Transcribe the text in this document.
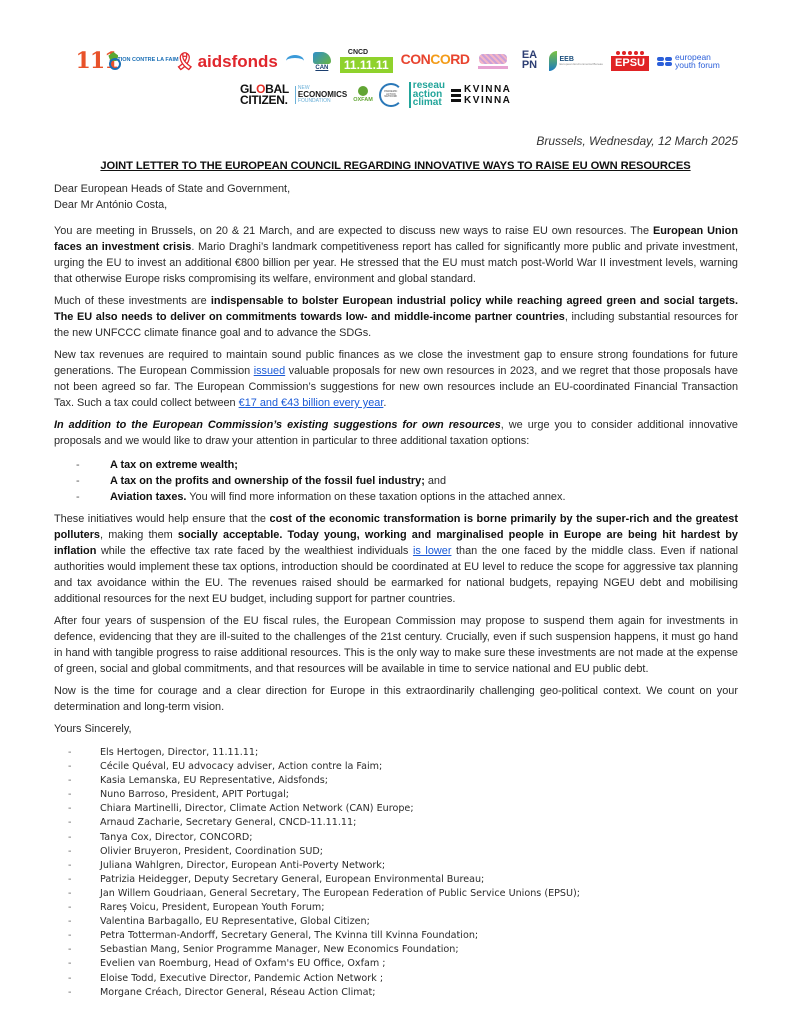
111
ACTION CONTRE LA FAIM
🎗︎ aidsfonds	CAN
CNCD
11.11.11 CONCORD
	EA
PN	EEB
European Environmental Bureau	EPSU
european youth forum
GLOBAL
CITIZEN.
NEW
ECONOMICS
FOUNDATION	OXFAM
PANDEMIC ACTION NETWORK
reseau
action
climat
KVINNA
KVINNA
Brussels, Wednesday, 12 March 2025
JOINT LETTER TO THE EUROPEAN COUNCIL REGARDING INNOVATIVE WAYS TO RAISE EU OWN RESOURCES

Dear European Heads of State and Government,

Dear Mr António Costa,

You are meeting in Brussels, on 20 & 21 March, and are expected to discuss new ways to raise EU own resources. The European Union faces an investment crisis. Mario Draghi’s landmark competitiveness report has called for significantly more public and private investment, urging the EU to invest an additional €800 billion per year. He stressed that the EU must match post-World War II investment levels, warning that otherwise Europe risks compromising its welfare, environment and global standard.

Much of these investments are indispensable to bolster European industrial policy while reaching agreed green and social targets. The EU also needs to deliver on commitments towards low- and middle-income partner countries, including substantial resources for the new UNFCCC climate finance goal and to advance the SDGs.

New tax revenues are required to maintain sound public finances as we close the investment gap to ensure strong foundations for future generations. The European Commission issued valuable proposals for new own resources in 2023, and we regret that those proposals have not been agreed so far. The European Commission’s suggestions for new own resources include an EU-coordinated Financial Transaction Tax. Such a tax could collect between €17 and €43 billion every year.

In addition to the European Commission’s existing suggestions for own resources, we urge you to consider additional innovative proposals and we would like to draw your attention in particular to three additional taxation options:

- A tax on extreme wealth;
- A tax on the profits and ownership of the fossil fuel industry; and
- Aviation taxes. You will find more information on these taxation options in the attached annex.

These initiatives would help ensure that the cost of the economic transformation is borne primarily by the super-rich and the greatest polluters, making them socially acceptable. Today young, working and marginalised people in Europe are being hit hardest by inflation while the effective tax rate faced by the wealthiest individuals is lower than the one faced by the middle class. Even if national authorities would implement these tax options, introduction should be coordinated at EU level to reduce the scope for aggressive tax planning and tax avoidance within the EU. The revenues raised should be earmarked for national budgets, repaying NGEU debt and mobilising additional resources for the next EU budget, including support for partner countries.

After four years of suspension of the EU fiscal rules, the European Commission may propose to suspend them again for investments in defence, evidencing that they are ill-suited to the challenges of the 21st century. Crucially, even if such suspension happens, it must go hand in hand with tangible progress to raise additional resources. This is the only way to make sure these investments are not made at the expense of green, social and global commitments, and that resources will be available in time to service national and EU public debt.

Now is the time for courage and a clear direction for Europe in this extraordinarily challenging geo-political context. We count on your determination and long-term vision.

Yours Sincerely,
- Els Hertogen, Director, 11.11.11;
- Cécile Quéval, EU advocacy adviser, Action contre la Faim;
- Kasia Lemanska, EU Representative, Aidsfonds;
- Nuno Barroso, President, APIT Portugal;
- Chiara Martinelli, Director, Climate Action Network (CAN) Europe;
- Arnaud Zacharie, Secretary General, CNCD-11.11.11;
- Tanya Cox, Director, CONCORD;
- Olivier Bruyeron, President, Coordination SUD;
- Juliana Wahlgren, Director, European Anti-Poverty Network;
- Patrizia Heidegger, Deputy Secretary General, European Environmental Bureau;
- Jan Willem Goudriaan, General Secretary, The European Federation of Public Service Unions (EPSU);
- Rareș Voicu, President, European Youth Forum;
- Valentina Barbagallo, EU Representative, Global Citizen;
- Petra Totterman-Andorff, Secretary General, The Kvinna till Kvinna Foundation;
- Sebastian Mang, Senior Programme Manager, New Economics Foundation;
- Evelien van Roemburg, Head of Oxfam's EU Office, Oxfam ;
- Eloise Todd, Executive Director, Pandemic Action Network ;
- Morgane Créach, Director General, Réseau Action Climat;
